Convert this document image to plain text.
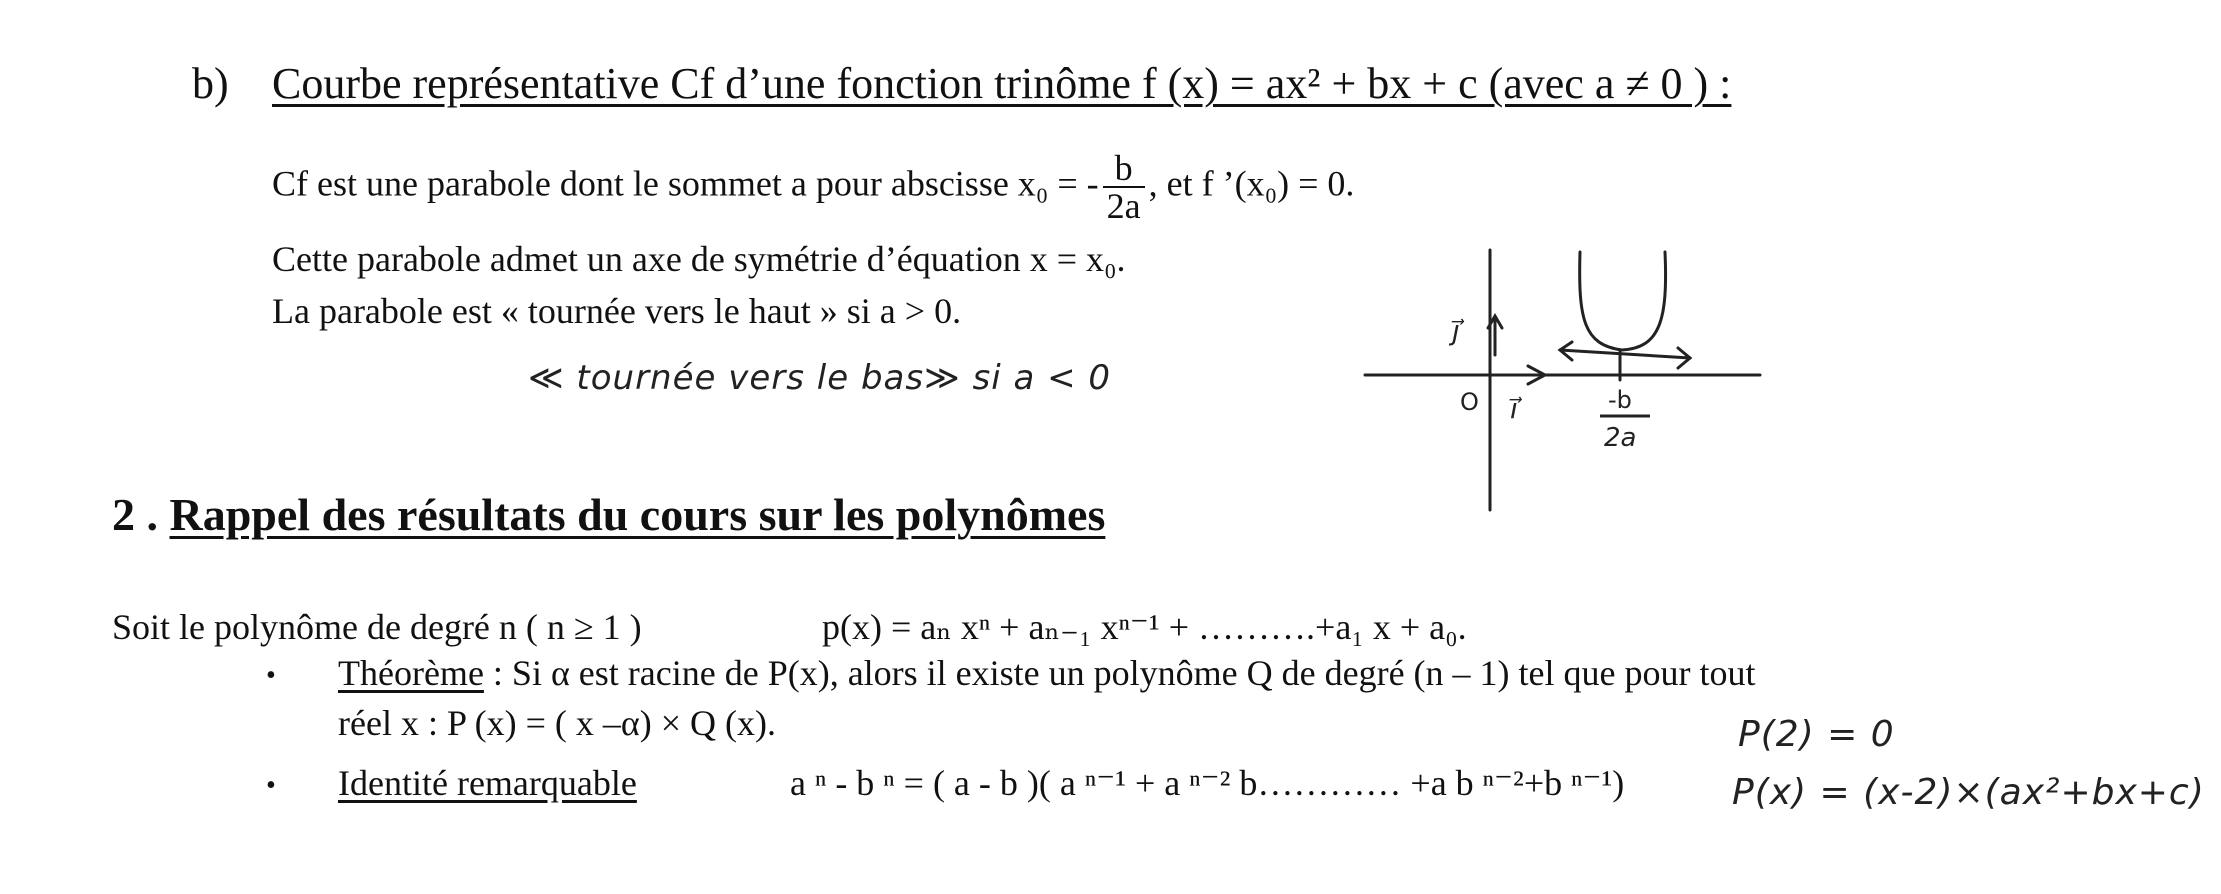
b) Courbe représentative Cf d’une fonction trinôme f (x) = ax² + bx + c (avec a ≠ 0 ) :
Cf est une parabole dont le sommet a pour abscisse x₀ = - $\frac{b}{2a}$ , et f ’(x₀) = 0.
Cette parabole admet un axe de symétrie d’équation x = x₀.
La parabole est « tournée vers le haut » si a > 0.
≪ tournée vers le bas≫ si a < 0
j⃗
O i⃗	-b
2a
2 . Rappel des résultats du cours sur les polynômes
Soit le polynôme de degré n ( n ≥ 1 )	p(x) = aₙ xⁿ + aₙ₋₁ xⁿ⁻¹ + ……….+a₁ x + a₀.
• Théorème : Si α est racine de P(x), alors il existe un polynôme Q de degré (n – 1) tel que pour tout
réel x : P (x) = ( x –α) × Q (x).	P(2) = 0
• Identité remarquable	a ⁿ - b ⁿ = ( a - b )( a ⁿ⁻¹ + a ⁿ⁻² b………… +a b ⁿ⁻²+b ⁿ⁻¹)	P(x) = (x-2)×(ax²+bx+c)
